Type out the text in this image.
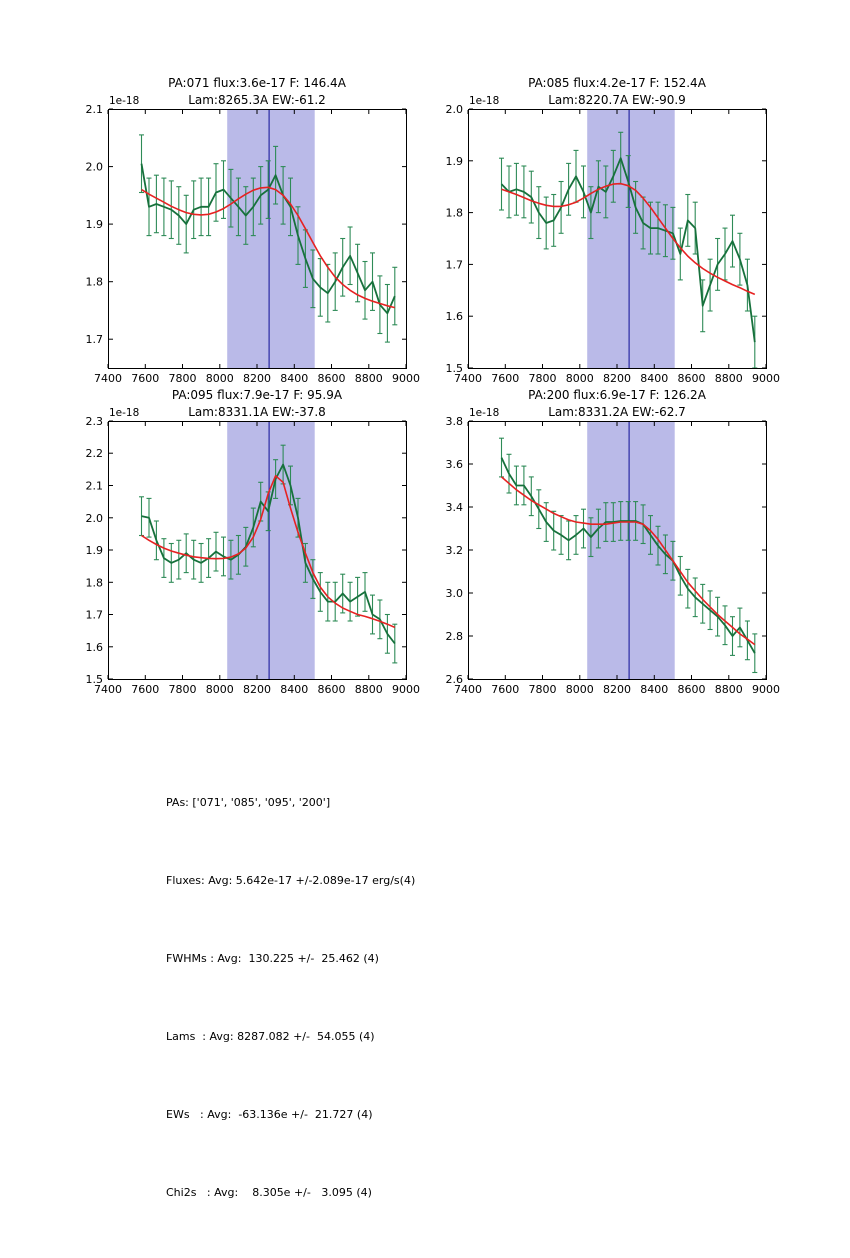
7400 7600 7800 8000 8200 8400 8600 8800 9000
1.7
1.8
1.9
2.0
2.1
1e-18
PA:071 flux:3.6e-17 F: 146.4A
Lam:8265.3A EW:-61.2
7400 7600 7800 8000 8200 8400 8600 8800 9000
1.5
1.6
1.7
1.8
1.9
2.0
1e-18
PA:085 flux:4.2e-17 F: 152.4A
Lam:8220.7A EW:-90.9
7400 7600 7800 8000 8200 8400 8600 8800 9000
1.5
1.6
1.7
1.8
1.9
2.0
2.1
2.2
2.3
1e-18
PA:095 flux:7.9e-17 F: 95.9A
Lam:8331.1A EW:-37.8
7400 7600 7800 8000 8200 8400 8600 8800 9000
2.6
2.8
3.0
3.2
3.4
3.6
3.8
1e-18
PA:200 flux:6.9e-17 F: 126.2A
Lam:8331.2A EW:-62.7

PAs: ['071', '085', '095', '200']

Fluxes: Avg: 5.642e-17 +/-2.089e-17 erg/s(4)

FWHMs : Avg:  130.225 +/-  25.462 (4)

Lams  : Avg: 8287.082 +/-  54.055 (4)

EWs   : Avg:  -63.136e +/-  21.727 (4)

Chi2s   : Avg:    8.305e +/-   3.095 (4)
